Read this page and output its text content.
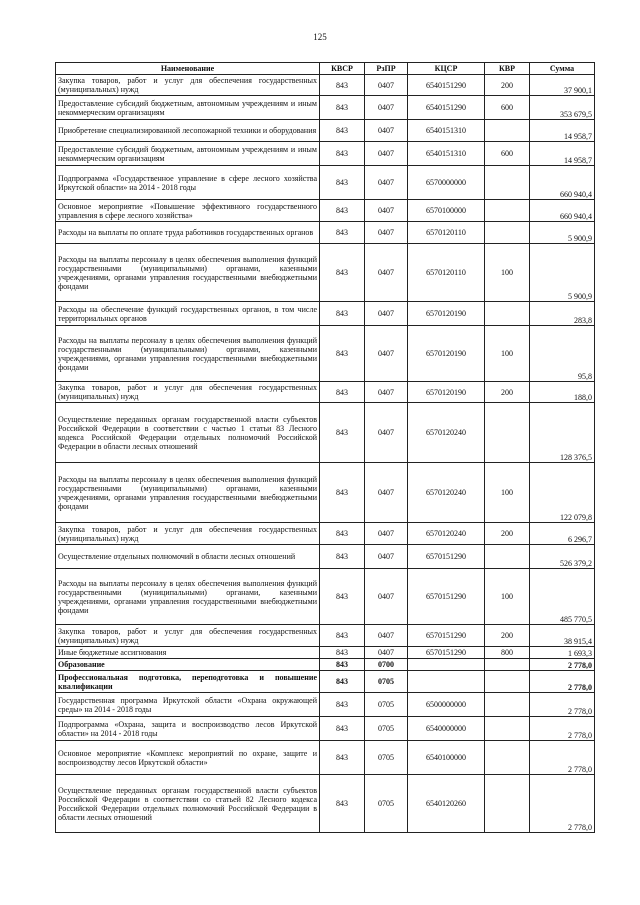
125
Наименование	КВСР	РзПР	КЦСР	КВР	Сумма
Закупка товаров, работ и услуг для обеспечения государственных (муниципальных) нужд	843	0407	6540151290	200	37 900,1
Предоставление субсидий бюджетным, автономным учреждениям и иным некоммерческим организациям	843	0407	6540151290	600	353 679,5
Приобретение специализированной лесопожарной техники и оборудования	843	0407	6540151310		14 958,7
Предоставление субсидий бюджетным, автономным учреждениям и иным некоммерческим организациям	843	0407	6540151310	600	14 958,7
Подпрограмма «Государственное управление в сфере лесного хозяйства Иркутской области» на 2014 - 2018 годы	843	0407	6570000000		660 940,4
Основное мероприятие «Повышение эффективного государственного управления в сфере лесного хозяйства»	843	0407	6570100000		660 940,4
Расходы на выплаты по оплате труда работников государственных органов	843	0407	6570120110		5 900,9
Расходы на выплаты персоналу в целях обеспечения выполнения функций государственными (муниципальными) органами, казенными учреждениями, органами управления государственными внебюджетными фондами	843	0407	6570120110	100	5 900,9
Расходы на обеспечение функций государственных органов, в том числе территориальных органов	843	0407	6570120190		283,8
Расходы на выплаты персоналу в целях обеспечения выполнения функций государственными (муниципальными) органами, казенными учреждениями, органами управления государственными внебюджетными фондами	843	0407	6570120190	100	95,8
Закупка товаров, работ и услуг для обеспечения государственных (муниципальных) нужд	843	0407	6570120190	200	188,0
Осуществление переданных органам государственной власти субъектов Российской Федерации в соответствии с частью 1 статьи 83 Лесного кодекса Российской Федерации отдельных полномочий Российской Федерации в области лесных отношений	843	0407	6570120240		128 376,5
Расходы на выплаты персоналу в целях обеспечения выполнения функций государственными (муниципальными) органами, казенными учреждениями, органами управления государственными внебюджетными фондами	843	0407	6570120240	100	122 079,8
Закупка товаров, работ и услуг для обеспечения государственных (муниципальных) нужд	843	0407	6570120240	200	6 296,7
Осуществление отдельных полномочий в области лесных отношений	843	0407	6570151290		526 379,2
Расходы на выплаты персоналу в целях обеспечения выполнения функций государственными (муниципальными) органами, казенными учреждениями, органами управления государственными внебюджетными фондами	843	0407	6570151290	100	485 770,5
Закупка товаров, работ и услуг для обеспечения государственных (муниципальных) нужд	843	0407	6570151290	200	38 915,4
Иные бюджетные ассигнования	843	0407	6570151290	800	1 693,3
Образование	843	0700			2 778,0
Профессиональная подготовка, переподготовка и повышение квалификации	843	0705			2 778,0
Государственная программа Иркутской области «Охрана окружающей среды» на 2014 - 2018 годы	843	0705	6500000000		2 778,0
Подпрограмма «Охрана, защита и воспроизводство лесов Иркутской области» на 2014 - 2018 годы	843	0705	6540000000		2 778,0
Основное мероприятие «Комплекс мероприятий по охране, защите и воспроизводству лесов Иркутской области»	843	0705	6540100000		2 778,0
Осуществление переданных органам государственной власти субъектов Российской Федерации в соответствии со статьей 82 Лесного кодекса Российской Федерации отдельных полномочий Российской Федерации в области лесных отношений	843	0705	6540120260		2 778,0
